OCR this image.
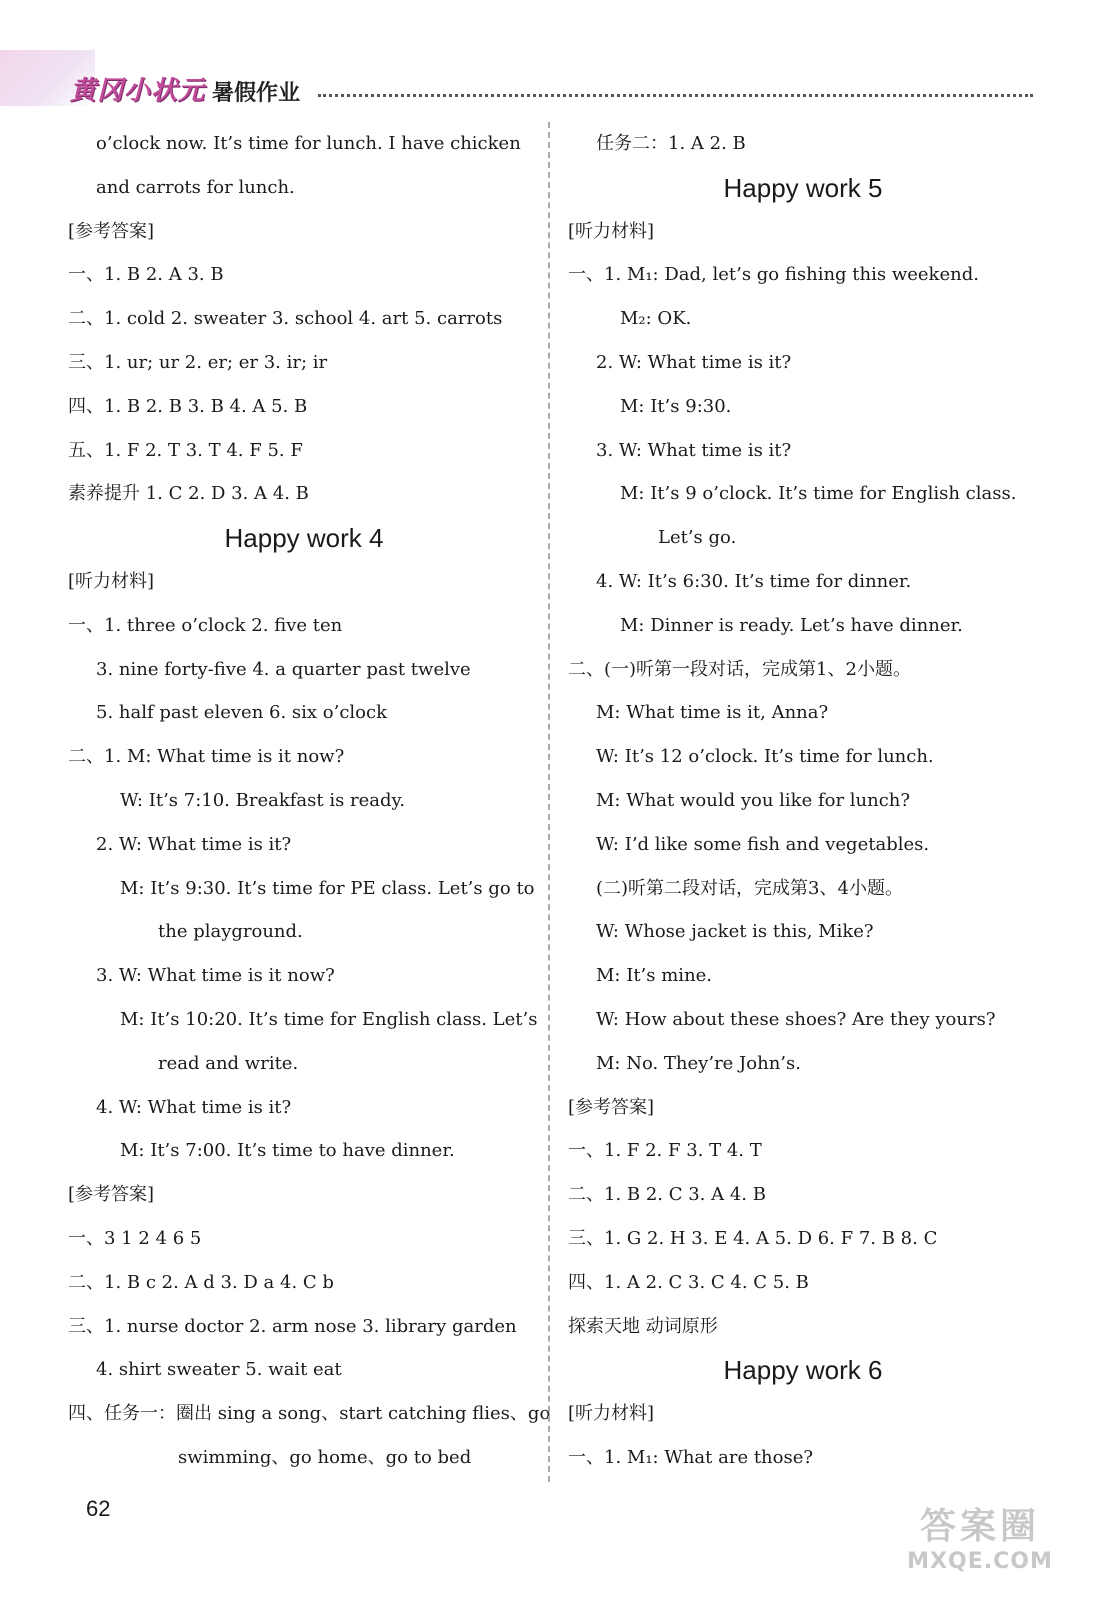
黄冈小状元 暑假作业
o’clock now. It’s time for lunch. I have chicken
and carrots for lunch.
[参考答案]
一、1. B 2. A 3. B
二、1. cold 2. sweater 3. school 4. art 5. carrots
三、1. ur; ur 2. er; er 3. ir; ir
四、1. B 2. B 3. B 4. A 5. B
五、1. F 2. T 3. T 4. F 5. F
素养提升 1. C 2. D 3. A 4. B
Happy work 4
[听力材料]
一、1. three o’clock 2. five ten
3. nine forty-five 4. a quarter past twelve
5. half past eleven 6. six o’clock
二、1. M: What time is it now?
W: It’s 7:10. Breakfast is ready.
2. W: What time is it?
M: It’s 9:30. It’s time for PE class. Let’s go to
the playground.
3. W: What time is it now?
M: It’s 10:20. It’s time for English class. Let’s
read and write.
4. W: What time is it?
M: It’s 7:00. It’s time to have dinner.
[参考答案]
一、3 1 2 4 6 5
二、1. B c 2. A d 3. D a 4. C b
三、1. nurse doctor 2. arm nose 3. library garden
4. shirt sweater 5. wait eat
四、任务一：圈出 sing a song、start catching flies、go
swimming、go home、go to bed
任务二：1. A 2. B
Happy work 5
[听力材料]
一、1. M₁: Dad, let’s go fishing this weekend.
M₂: OK.
2. W: What time is it?
M: It’s 9:30.
3. W: What time is it?
M: It’s 9 o’clock. It’s time for English class.
Let’s go.
4. W: It’s 6:30. It’s time for dinner.
M: Dinner is ready. Let’s have dinner.
二、(一)听第一段对话，完成第1、2小题。
M: What time is it, Anna?
W: It’s 12 o’clock. It’s time for lunch.
M: What would you like for lunch?
W: I’d like some fish and vegetables.
(二)听第二段对话，完成第3、4小题。
W: Whose jacket is this, Mike?
M: It’s mine.
W: How about these shoes? Are they yours?
M: No. They’re John’s.
[参考答案]
一、1. F 2. F 3. T 4. T
二、1. B 2. C 3. A 4. B
三、1. G 2. H 3. E 4. A 5. D 6. F 7. B 8. C
四、1. A 2. C 3. C 4. C 5. B
探索天地 动词原形
Happy work 6
[听力材料]
一、1. M₁: What are those?
62	答案圈
MXQE.COM
